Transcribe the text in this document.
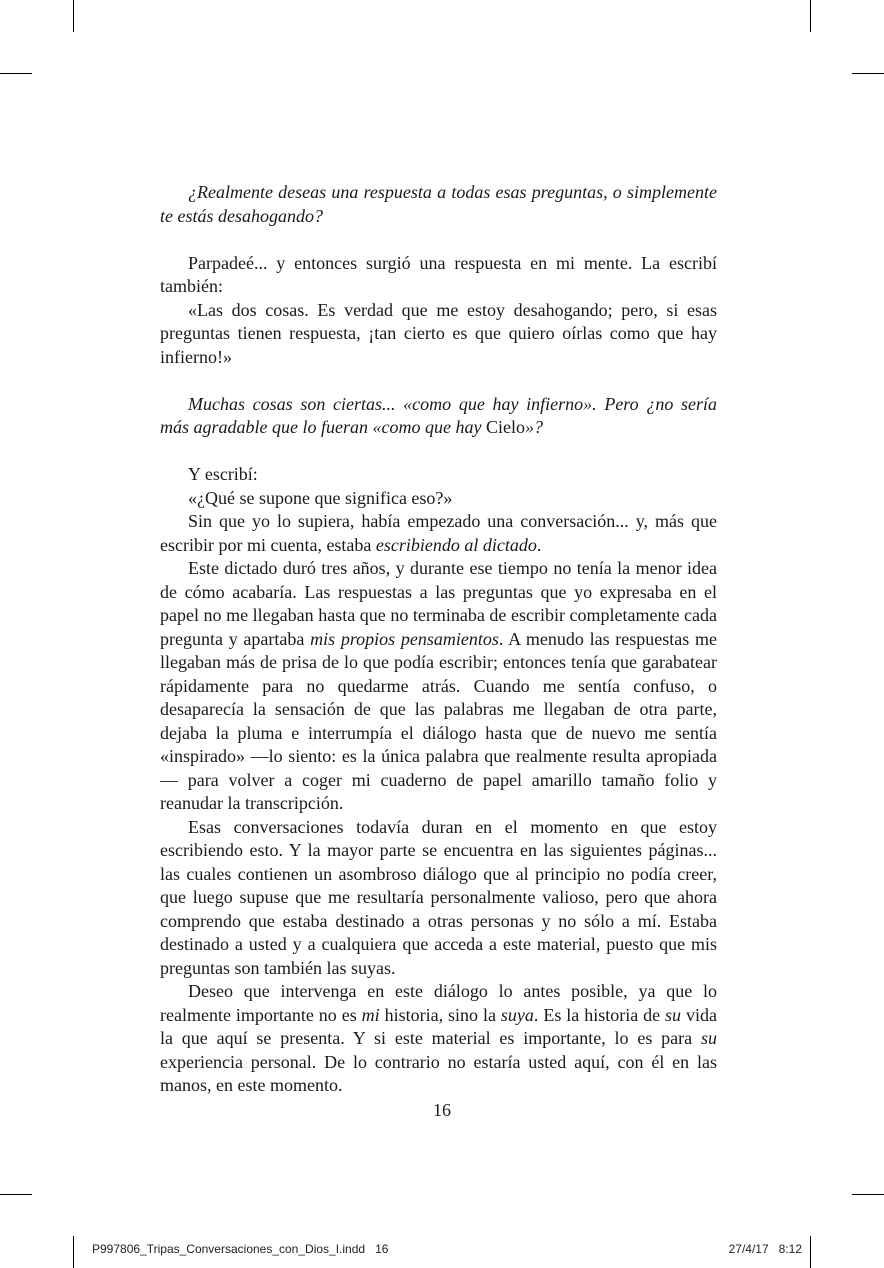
¿Realmente deseas una respuesta a todas esas preguntas, o simplemente te estás desahogando?

Parpadeé... y entonces surgió una respuesta en mi mente. La escribí también:

«Las dos cosas. Es verdad que me estoy desahogando; pero, si esas preguntas tienen respuesta, ¡tan cierto es que quiero oírlas como que hay infierno!»

Muchas cosas son ciertas... «como que hay infierno». Pero ¿no sería más agradable que lo fueran «como que hay Cielo»?

Y escribí:

«¿Qué se supone que significa eso?»

Sin que yo lo supiera, había empezado una conversación... y, más que escribir por mi cuenta, estaba escribiendo al dictado.

Este dictado duró tres años, y durante ese tiempo no tenía la menor idea de cómo acabaría. Las respuestas a las preguntas que yo expresaba en el papel no me llegaban hasta que no terminaba de escribir completamente cada pregunta y apartaba mis propios pensamientos. A menudo las respuestas me llegaban más de prisa de lo que podía escribir; entonces tenía que garabatear rápidamente para no quedarme atrás. Cuando me sentía confuso, o desaparecía la sensación de que las palabras me llegaban de otra parte, dejaba la pluma e interrumpía el diálogo hasta que de nuevo me sentía «inspirado» —lo siento: es la única palabra que realmente resulta apropiada— para volver a coger mi cuaderno de papel amarillo tamaño folio y reanudar la transcripción.

Esas conversaciones todavía duran en el momento en que estoy escribiendo esto. Y la mayor parte se encuentra en las siguientes páginas... las cuales contienen un asombroso diálogo que al principio no podía creer, que luego supuse que me resultaría personalmente valioso, pero que ahora comprendo que estaba destinado a otras personas y no sólo a mí. Estaba destinado a usted y a cualquiera que acceda a este material, puesto que mis preguntas son también las suyas.

Deseo que intervenga en este diálogo lo antes posible, ya que lo realmente importante no es mi historia, sino la suya. Es la historia de su vida la que aquí se presenta. Y si este material es importante, lo es para su experiencia personal. De lo contrario no estaría usted aquí, con él en las manos, en este momento.

16
P997806_Tripas_Conversaciones_con_Dios_I.indd   16	27/4/17   8:12
